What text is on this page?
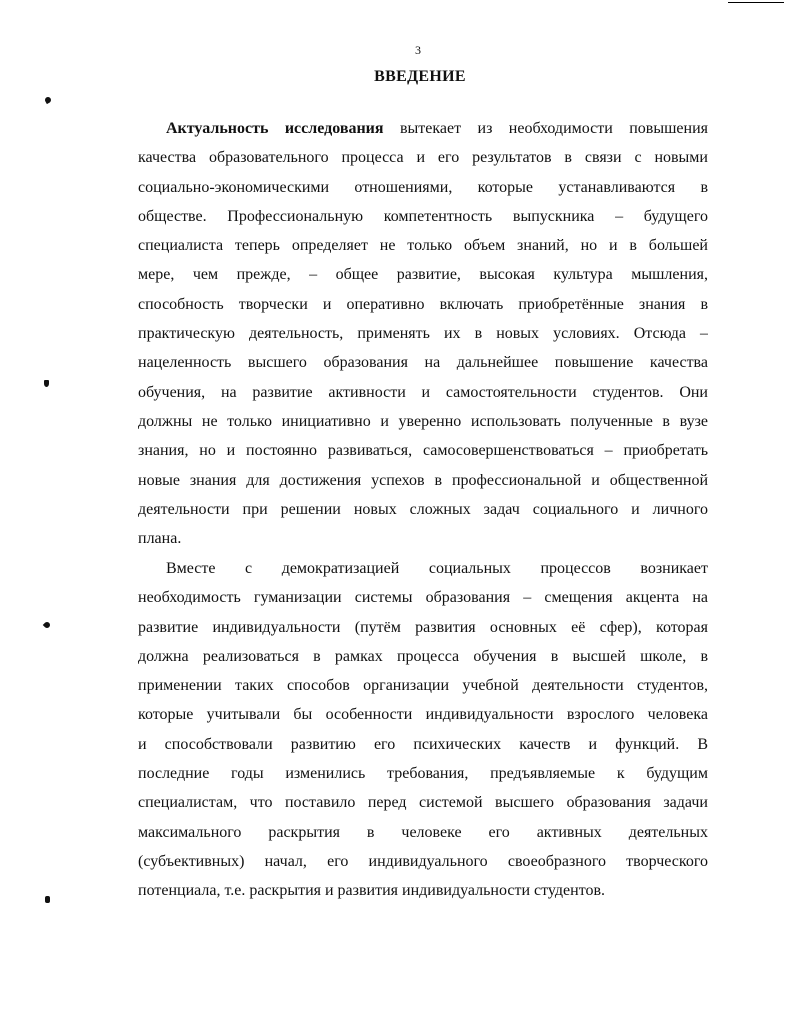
3
ВВЕДЕНИЕ
Актуальность исследования вытекает из необходимости повышения
качества образовательного процесса и его результатов в связи с новыми
социально-экономическими отношениями, которые устанавливаются в
обществе. Профессиональную компетентность выпускника – будущего
специалиста теперь определяет не только объем знаний, но и в большей
мере, чем прежде, – общее развитие, высокая культура мышления,
способность творчески и оперативно включать приобретённые знания в
практическую деятельность, применять их в новых условиях. Отсюда –
нацеленность высшего образования на дальнейшее повышение качества
обучения, на развитие активности и самостоятельности студентов. Они
должны не только инициативно и уверенно использовать полученные в вузе
знания, но и постоянно развиваться, самосовершенствоваться – приобретать
новые знания для достижения успехов в профессиональной и общественной
деятельности при решении новых сложных задач социального и личного
плана.
Вместе с демократизацией социальных процессов возникает
необходимость гуманизации системы образования – смещения акцента на
развитие индивидуальности (путём развития основных её сфер), которая
должна реализоваться в рамках процесса обучения в высшей школе, в
применении таких способов организации учебной деятельности студентов,
которые учитывали бы особенности индивидуальности взрослого человека
и способствовали развитию его психических качеств и функций. В
последние годы изменились требования, предъявляемые к будущим
специалистам, что поставило перед системой высшего образования задачи
максимального раскрытия в человеке его активных деятельных
(субъективных) начал, его индивидуального своеобразного творческого
потенциала, т.е. раскрытия и развития индивидуальности студентов.
